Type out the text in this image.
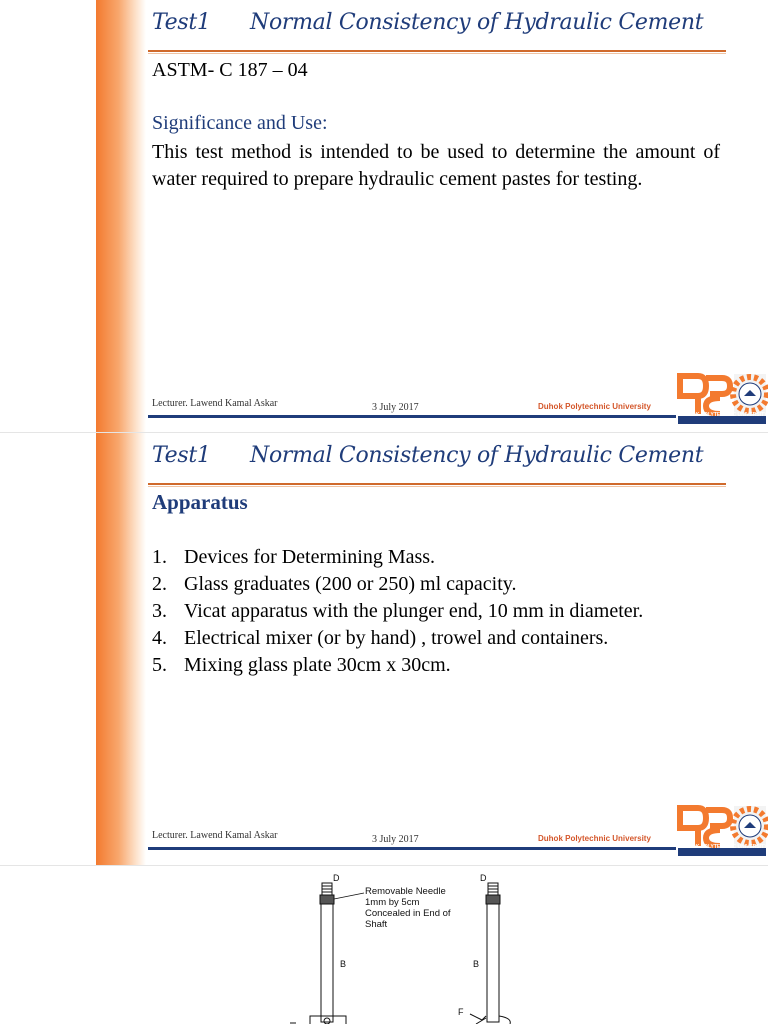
Test1 Normal Consistency of Hydraulic Cement
ASTM- C 187 – 04
Significance and Use:
This test method is intended to be used to determine the amount of water required to prepare hydraulic cement pastes for testing.
Lecturer. Lawend Kamal Askar	3 July 2017	Duhok Polytechnic University
DUHOK POLYTECHNIC UNIVERSITY
Test1 Normal Consistency of Hydraulic Cement
Lecturer. Lawend Kamal Askar	3 July 2017	Duhok Polytechnic University
DUHOK POLYTECHNIC UNIVERSITY
Apparatus
1. Devices for Determining Mass.
2. Glass graduates (200 or 250) ml capacity.
3. Vicat apparatus with the plunger end, 10 mm in diameter.
4. Electrical mixer (or by hand) , trowel and containers.
5. Mixing glass plate 30cm x 30cm.
D	D
Removable Needle 1mm by 5cm Concealed in End of Shaft
B	B
F
